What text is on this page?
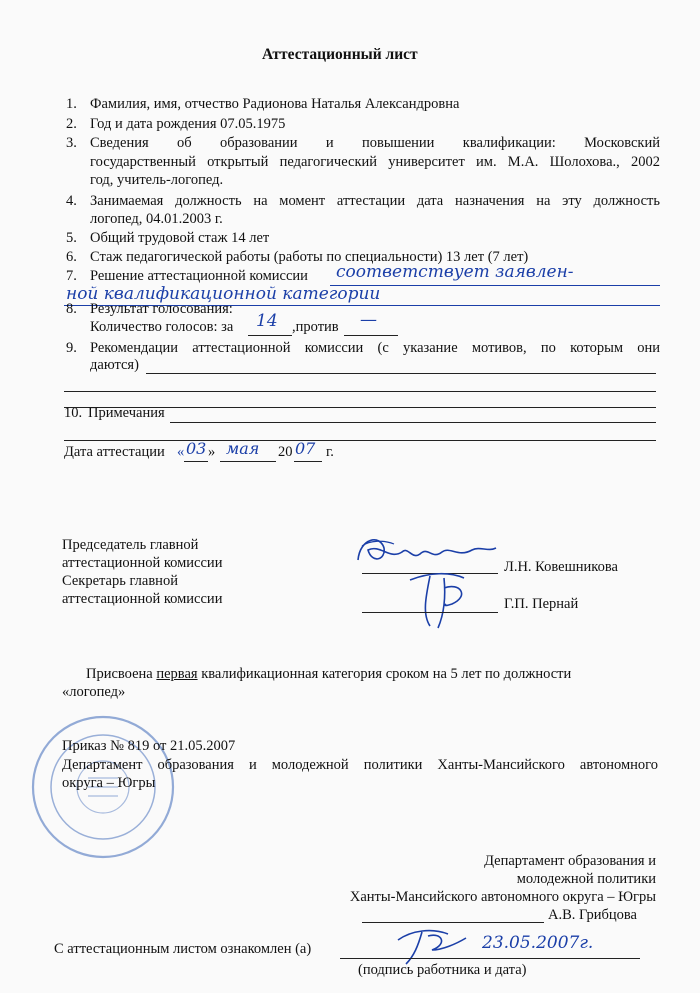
Аттестационный лист
1. Фамилия, имя, отчество Радионова Наталья Александровна
2. Год и дата рождения 07.05.1975
3. Сведения об образовании и повышении квалификации: Московский
государственный открытый педагогический университет им. М.А. Шолохова., 2002
год, учитель-логопед.
4. Занимаемая должность на момент аттестации дата назначения на эту должность
логопед, 04.01.2003 г.
5. Общий трудовой стаж 14 лет
6. Стаж педагогической работы (работы по специальности) 13 лет (7 лет)
7. Решение аттестационной комиссии соответствует заявлен-
ной квалификационной категории
8. Результат голосования:
Количество голосов: за 14 ,против —
9. Рекомендации аттестационной комиссии (с указание мотивов, по которым они
даются)
10. Примечания
Дата аттестации « 03 » мая 20 07 г.
Председатель главной
аттестационной комиссии
Секретарь главной
аттестационной комиссии
Л.Н. Ковешникова
Г.П. Пернай
Присвоена первая квалификационная категория сроком на 5 лет по должности
«логопед»
Приказ № 819 от 21.05.2007
Департамент образования и молодежной политики Ханты-Мансийского автономного
округа – Югры
Департамент образования и
молодежной политики
Ханты-Мансийского автономного округа – Югры
А.В. Грибцова
С аттестационным листом ознакомлен (а)	23.05.2007г.
(подпись работника и дата)
